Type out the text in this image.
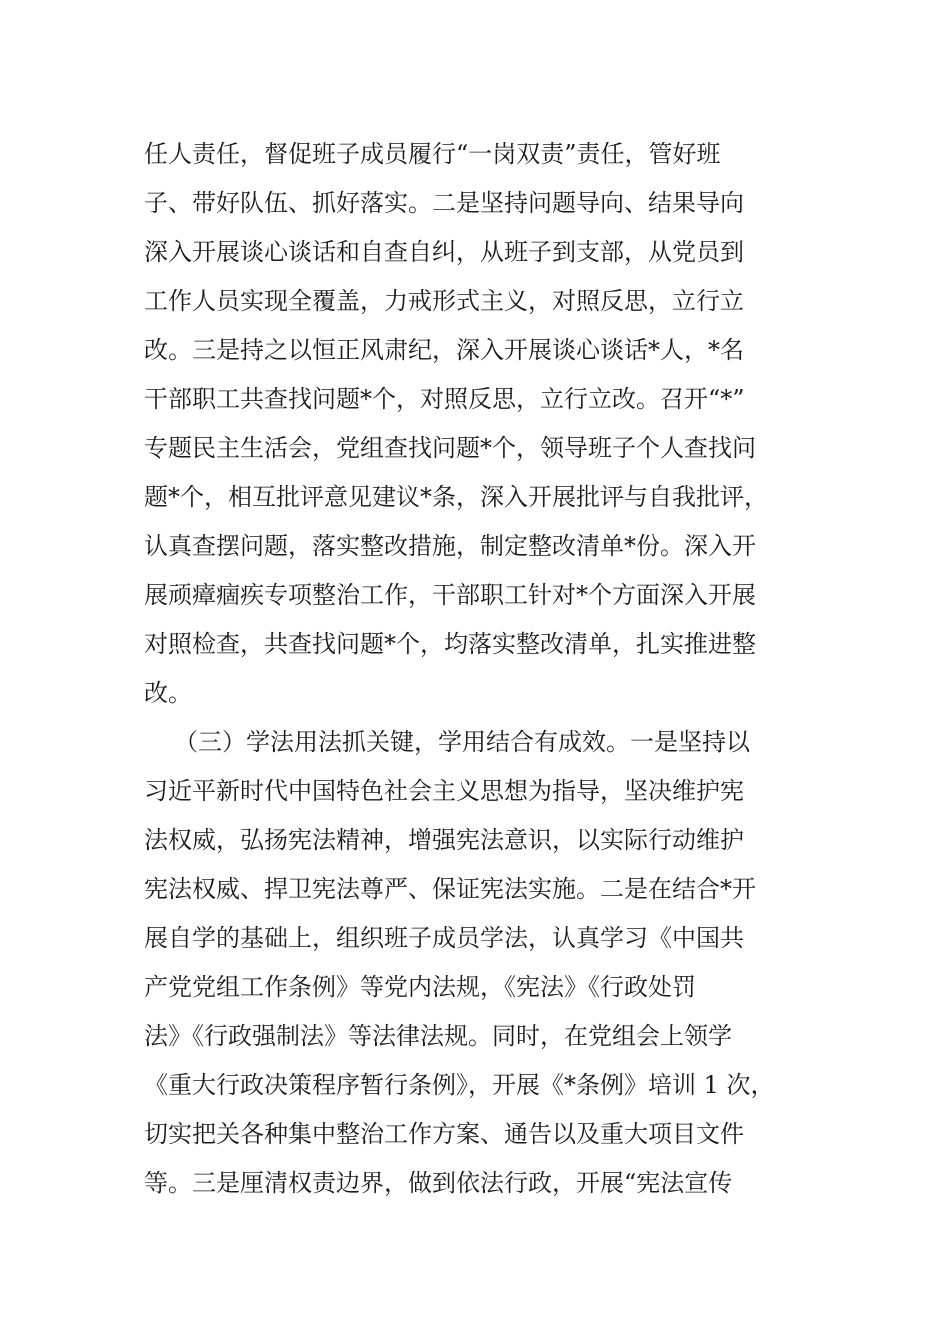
任人责任，督促班子成员履行“一岗双责”责任，管好班
子、带好队伍、抓好落实。二是坚持问题导向、结果导向
深入开展谈心谈话和自查自纠，从班子到支部，从党员到
工作人员实现全覆盖，力戒形式主义，对照反思，立行立
改。三是持之以恒正风肃纪，深入开展谈心谈话*人，*名
干部职工共查找问题*个，对照反思，立行立改。召开“*”
专题民主生活会，党组查找问题*个，领导班子个人查找问
题*个，相互批评意见建议*条，深入开展批评与自我批评，
认真查摆问题，落实整改措施，制定整改清单*份。深入开
展顽瘴痼疾专项整治工作，干部职工针对*个方面深入开展
对照检查，共查找问题*个，均落实整改清单，扎实推进整
改。
（三）学法用法抓关键，学用结合有成效。一是坚持以
习近平新时代中国特色社会主义思想为指导，坚决维护宪
法权威，弘扬宪法精神，增强宪法意识，以实际行动维护
宪法权威、捍卫宪法尊严、保证宪法实施。二是在结合*开
展自学的基础上，组织班子成员学法，认真学习《中国共
产党党组工作条例》等党内法规，《宪法》《行政处罚
法》《行政强制法》等法律法规。同时，在党组会上领学
《重大行政决策程序暂行条例》，开展《*条例》培训 1 次，
切实把关各种集中整治工作方案、通告以及重大项目文件
等。三是厘清权责边界，做到依法行政，开展“宪法宣传
